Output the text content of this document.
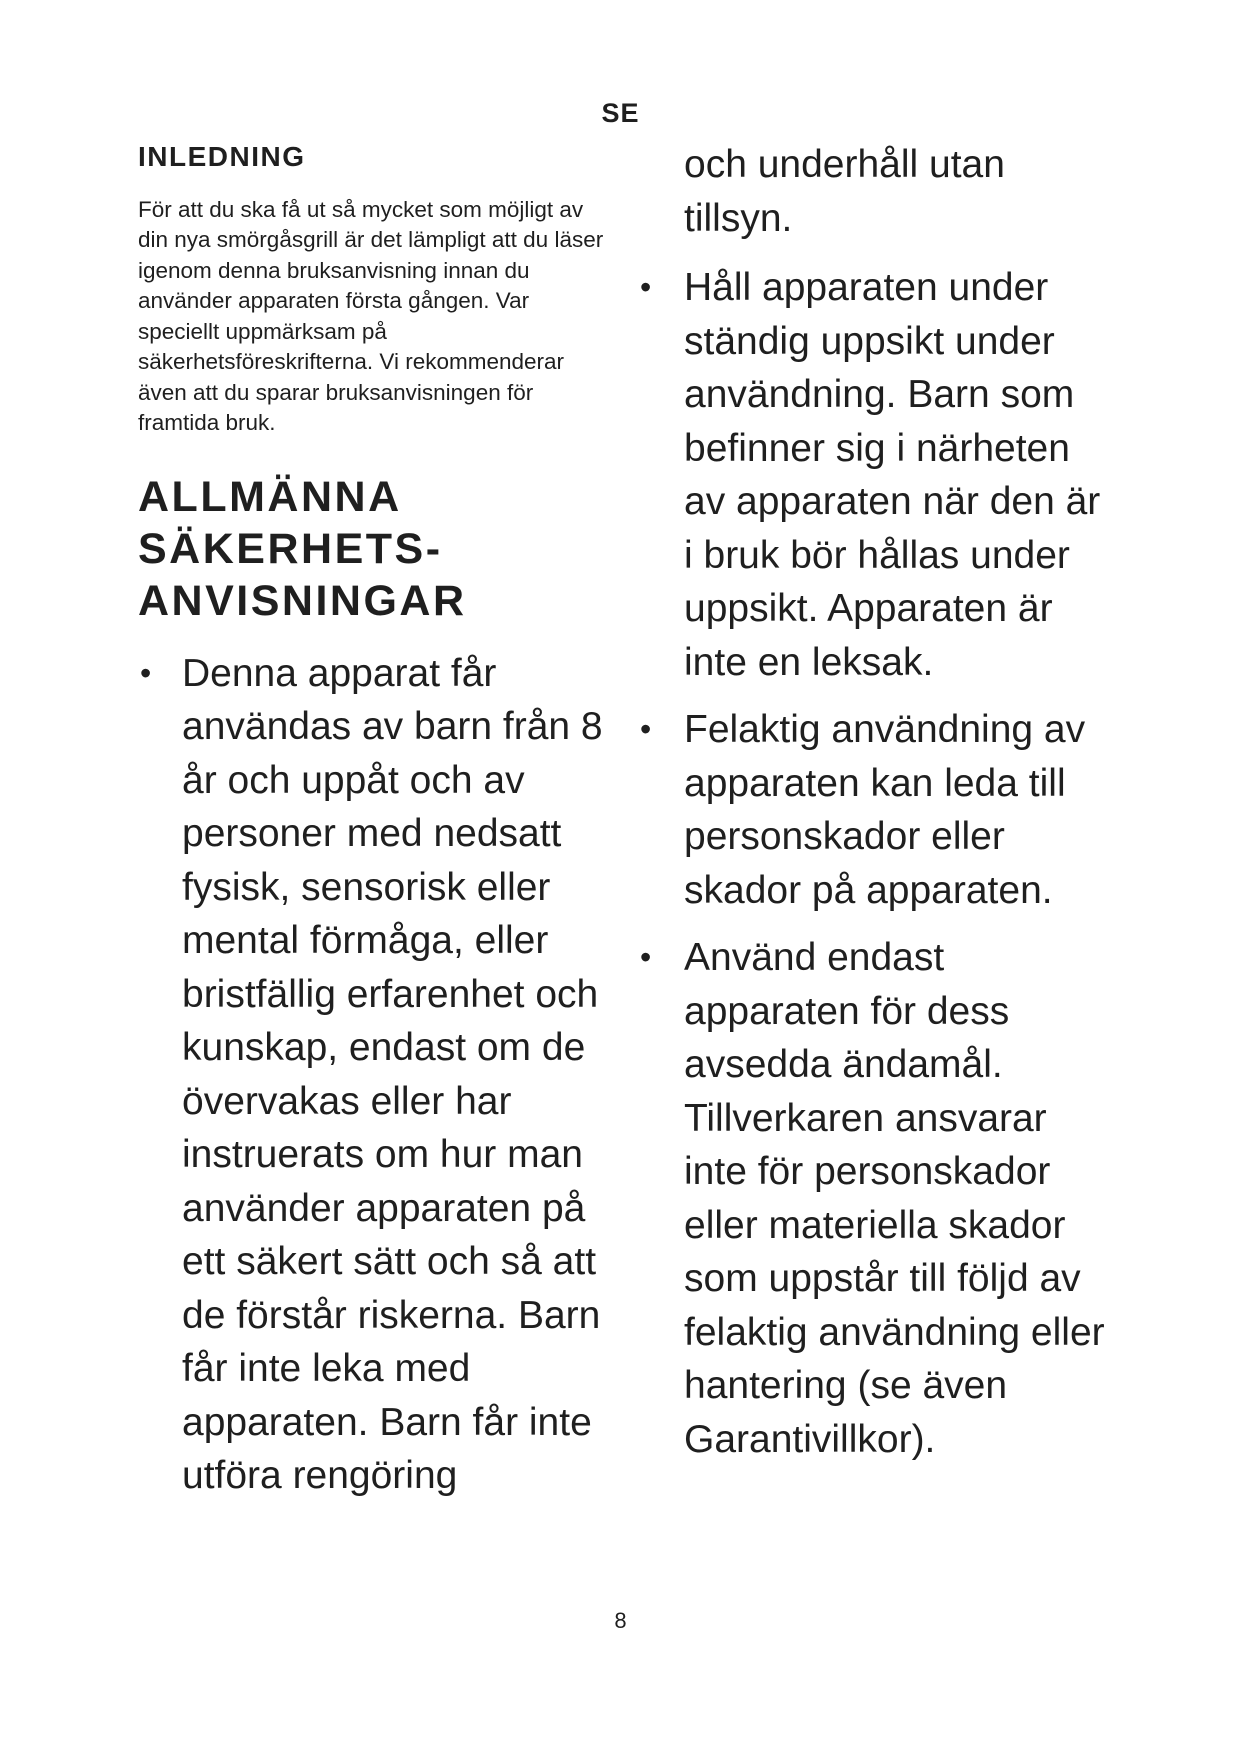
SE
INLEDNING

För att du ska få ut så mycket som möjligt av din nya smörgåsgrill är det lämpligt att du läser igenom denna bruksanvisning innan du använder apparaten första gången. Var speciellt uppmärksam på säkerhetsföreskrifterna. Vi rekommenderar även att du sparar bruksanvisningen för framtida bruk.

ALLMÄNNA SÄKERHETS-ANVISNINGAR
• Denna apparat får användas av barn från 8 år och uppåt och av personer med nedsatt fysisk, sensorisk eller mental förmåga, eller bristfällig erfarenhet och kunskap, endast om de övervakas eller har instruerats om hur man använder apparaten på ett säkert sätt och så att de förstår riskerna. Barn får inte leka med apparaten. Barn får inte utföra rengöring

och underhåll utan tillsyn.

• Håll apparaten under ständig uppsikt under användning. Barn som befinner sig i närheten av apparaten när den är i bruk bör hållas under uppsikt. Apparaten är inte en leksak.
• Felaktig användning av apparaten kan leda till personskador eller skador på apparaten.
• Använd endast apparaten för dess avsedda ändamål. Tillverkaren ansvarar inte för personskador eller materiella skador som uppstår till följd av felaktig användning eller hantering (se även Garantivillkor).
8
